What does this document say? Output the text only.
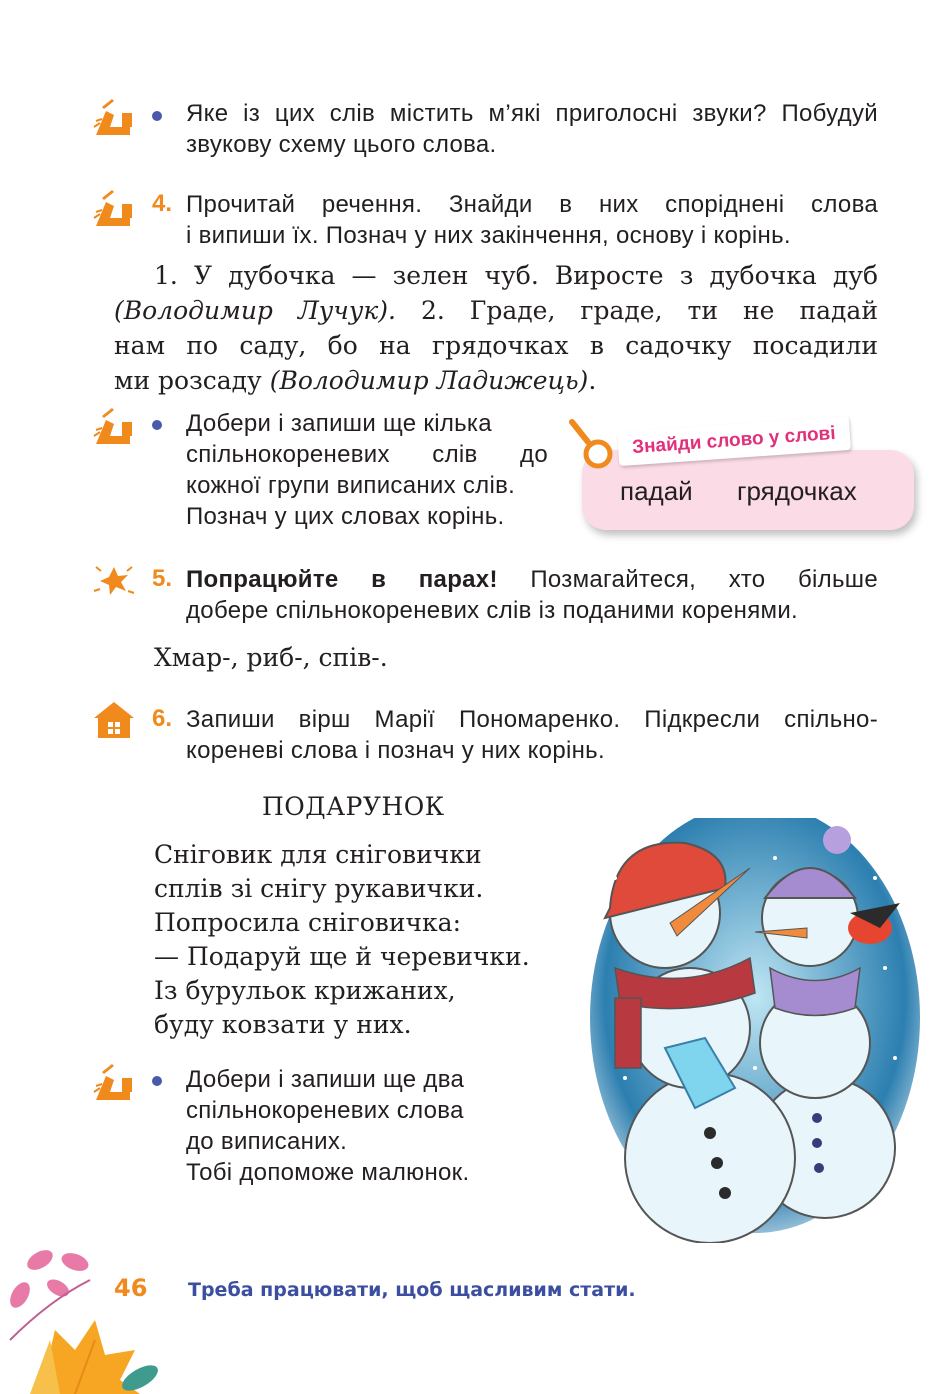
Яке із цих слів містить м’які приголосні звуки? Побудуй
звукову схему цього слова.
4. Прочитай речення. Знайди в них споріднені слова
і випиши їх. Познач у них закінчення, основу і корінь.
1. У дубочка — зелен чуб. Виросте з дубочка дуб
(Володимир Лучук). 2. Граде, граде, ти не падай
нам по саду, бо на грядочках в садочку посадили
ми розсаду (Володимир Ладижець).
Добери і запиши ще кілька
спільнокореневих слів до
кожної групи виписаних слів.
Познач у цих словах корінь.
падай грядочках
Знайди слово у слові
5. Попрацюйте в парах! Позмагайтеся, хто більше
добере спільнокореневих слів із поданими коренями.
Хмар-, риб-, спів-.
6. Запиши вірш Марії Пономаренко. Підкресли спільно-
кореневі слова і познач у них корінь.
ПОДАРУНОК
Сніговик для сніговички
сплів зі снігу рукавички.
Попросила сніговичка:
— Подаруй ще й черевички.
Із бурульок крижаних,
буду ковзати у них.
Добери і запиши ще два
спільнокореневих слова
до виписаних.
Тобі допоможе малюнок.
46 Треба працювати, щоб щасливим стати.
